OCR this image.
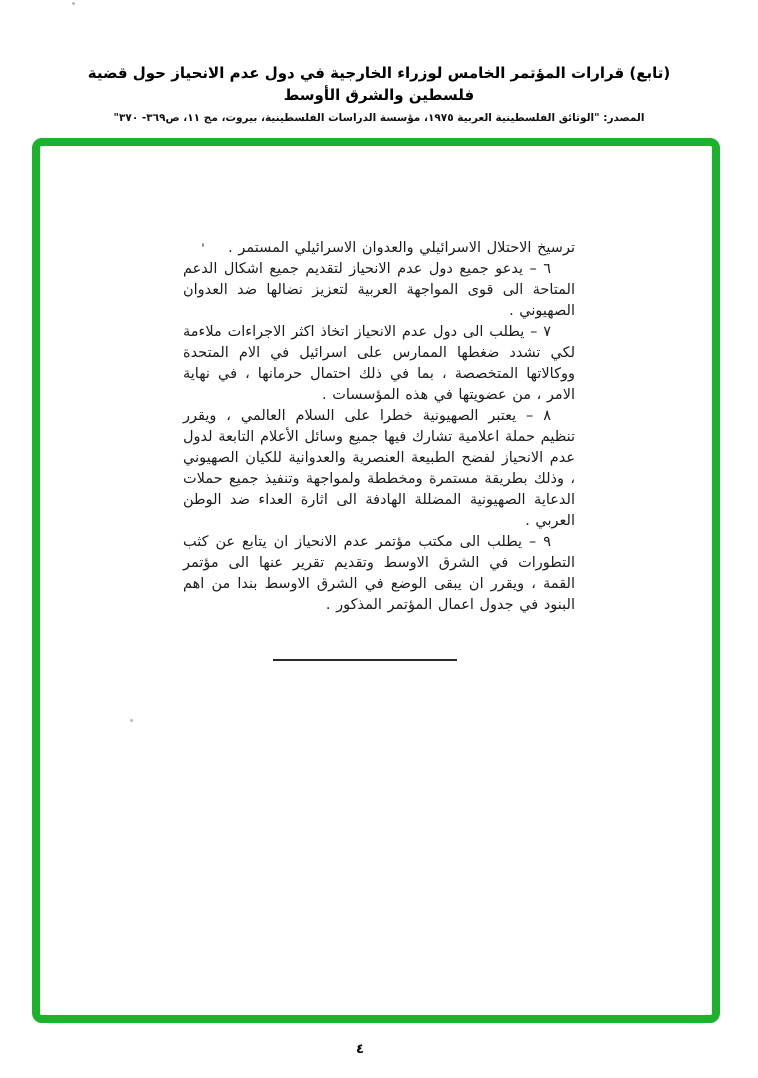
(تابع) قرارات المؤتمر الخامس لوزراء الخارجية في دول عدم الانحياز حول قضية فلسطين والشرق الأوسط
المصدر: "الوثائق الفلسطينية العربية ١٩٧٥، مؤسسة الدراسات الفلسطينية، بيروت، مج ١١، ص٣٦٩- ٣٧٠"

ترسيخ الاحتلال الاسرائيلي والعدوان الاسرائيلي المستمر .

٦ – يدعو جميع دول عدم الانحياز لتقديم جميع اشكال الدعم المتاحة الى قوى المواجهة العربية لتعزيز نضالها ضد العدوان الصهيوني .

٧ – يطلب الى دول عدم الانحياز اتخاذ اكثر الاجراءات ملاءمة لكي تشدد ضغطها الممارس على اسرائيل في الام المتحدة ووكالاتها المتخصصة ، بما في ذلك احتمال حرمانها ، في نهاية الامر ، من عضويتها في هذه المؤسسات .

٨ – يعتبر الصهيونية خطرا على السلام العالمي ، ويقرر تنظيم حملة اعلامية تشارك فيها جميع وسائل الأعلام التابعة لدول عدم الانحياز لفضح الطبيعة العنصرية والعدوانية للكيان الصهيوني ، وذلك بطريقة مستمرة ومخططة ولمواجهة وتنفيذ جميع حملات الدعاية الصهيونية المضللة الهادفة الى اثارة العداء ضد الوطن العربي .

٩ – يطلب الى مكتب مؤتمر عدم الانحياز ان يتابع عن كثب التطورات في الشرق الاوسط وتقديم تقرير عنها الى مؤتمر القمة ، ويقرر ان يبقى الوضع في الشرق الاوسط بندا من اهم البنود في جدول اعمال المؤتمر المذكور .

٤
